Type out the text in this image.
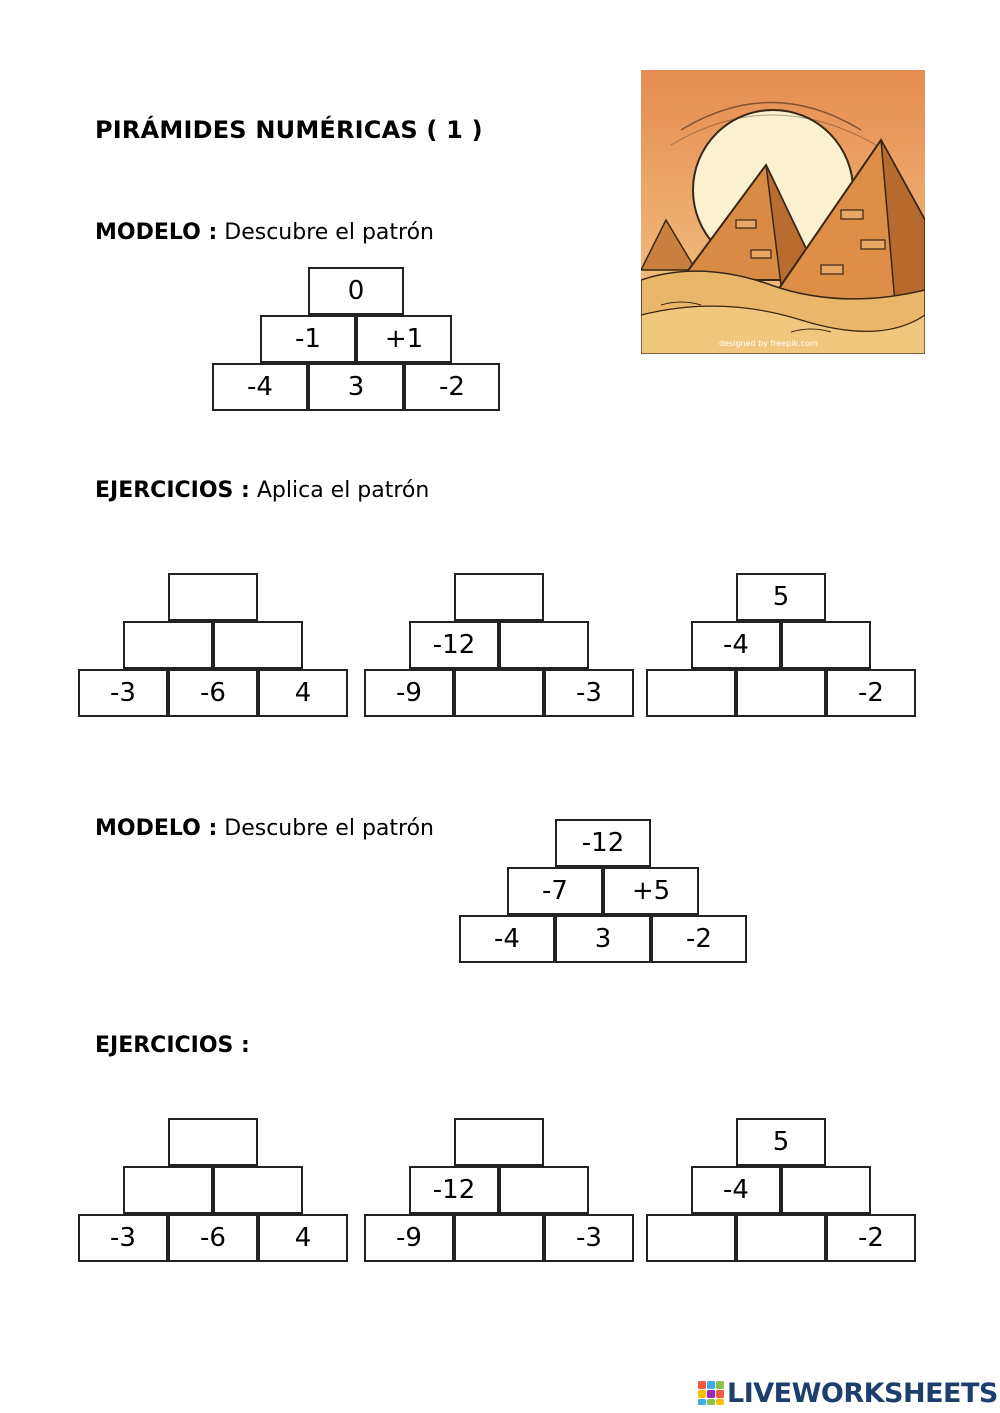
PIRÁMIDES NUMÉRICAS ( 1 )
MODELO : Descubre el patrón
EJERCICIOS : Aplica el patrón
MODELO : Descubre el patrón
EJERCICIOS :
0
-1	+1
-4	3	-2
-3	-6	4
-12
-9	-3
5
-4
-2
-12
-7	+5
-4	3	-2
-3	-6	4
-12
-9	-3
5
-4
-2
designed by freepik.com
LIVEWORKSHEETS
